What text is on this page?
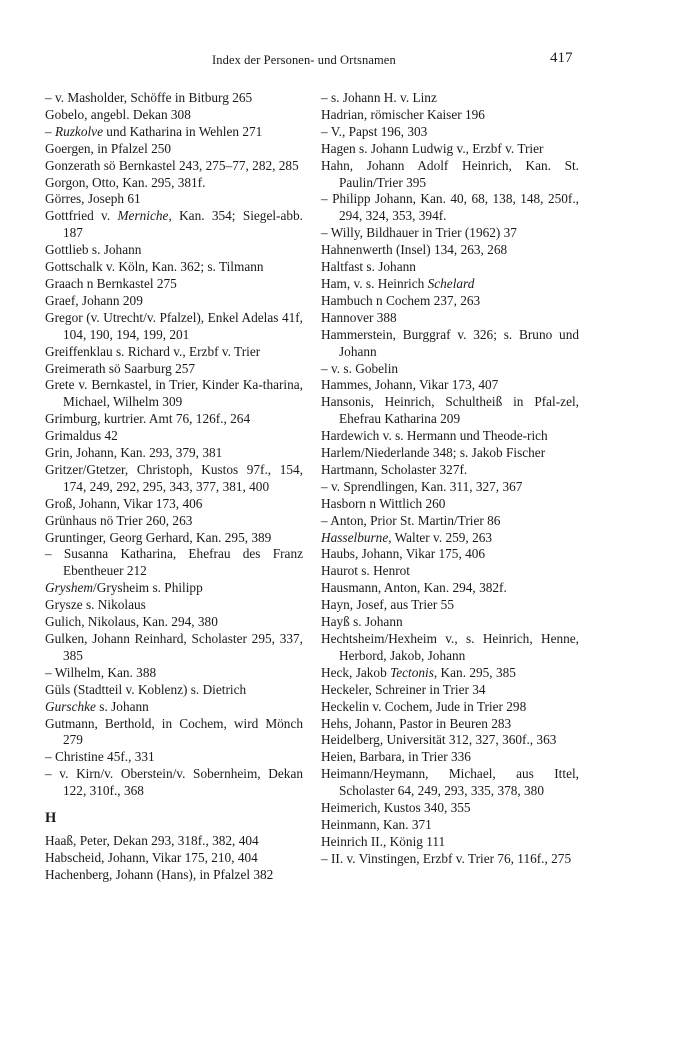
Index der Personen- und Ortsnamen	417

– v. Masholder, Schöffe in Bitburg 265

Gobelo, angebl. Dekan 308

– Ruzkolve und Katharina in Wehlen 271

Goergen, in Pfalzel 250

Gonzerath sö Bernkastel 243, 275–77, 282, 285

Gorgon, Otto, Kan. 295, 381f.

Görres, Joseph 61

Gottfried v. Merniche, Kan. 354; Siegel-abb. 187

Gottlieb s. Johann

Gottschalk v. Köln, Kan. 362; s. Tilmann

Graach n Bernkastel 275

Graef, Johann 209

Gregor (v. Utrecht/v. Pfalzel), Enkel Adelas 41f, 104, 190, 194, 199, 201

Greiffenklau s. Richard v., Erzbf v. Trier

Greimerath sö Saarburg 257

Grete v. Bernkastel, in Trier, Kinder Ka-tharina, Michael, Wilhelm 309

Grimburg, kurtrier. Amt 76, 126f., 264

Grimaldus 42

Grin, Johann, Kan. 293, 379, 381

Gritzer/Gtetzer, Christoph, Kustos 97f., 154, 174, 249, 292, 295, 343, 377, 381, 400

Groß, Johann, Vikar 173, 406

Grünhaus nö Trier 260, 263

Gruntinger, Georg Gerhard, Kan. 295, 389

– Susanna Katharina, Ehefrau des Franz Ebentheuer 212

Gryshem/Grysheim s. Philipp

Grysze s. Nikolaus

Gulich, Nikolaus, Kan. 294, 380

Gulken, Johann Reinhard, Scholaster 295, 337, 385

– Wilhelm, Kan. 388

Güls (Stadtteil v. Koblenz) s. Dietrich

Gurschke s. Johann

Gutmann, Berthold, in Cochem, wird Mönch 279

– Christine 45f., 331

– v. Kirn/v. Oberstein/v. Sobernheim, Dekan 122, 310f., 368

H

Haaß, Peter, Dekan 293, 318f., 382, 404

Habscheid, Johann, Vikar 175, 210, 404

Hachenberg, Johann (Hans), in Pfalzel 382

– s. Johann H. v. Linz

Hadrian, römischer Kaiser 196

– V., Papst 196, 303

Hagen s. Johann Ludwig v., Erzbf v. Trier

Hahn, Johann Adolf Heinrich, Kan. St. Paulin/Trier 395

– Philipp Johann, Kan. 40, 68, 138, 148, 250f., 294, 324, 353, 394f.

– Willy, Bildhauer in Trier (1962) 37

Hahnenwerth (Insel) 134, 263, 268

Haltfast s. Johann

Ham, v. s. Heinrich Schelard

Hambuch n Cochem 237, 263

Hannover 388

Hammerstein, Burggraf v. 326; s. Bruno und Johann

– v. s. Gobelin

Hammes, Johann, Vikar 173, 407

Hansonis, Heinrich, Schultheiß in Pfal-zel, Ehefrau Katharina 209

Hardewich v. s. Hermann und Theode-rich

Harlem/Niederlande 348; s. Jakob Fischer

Hartmann, Scholaster 327f.

– v. Sprendlingen, Kan. 311, 327, 367

Hasborn n Wittlich 260

– Anton, Prior St. Martin/Trier 86

Hasselburne, Walter v. 259, 263

Haubs, Johann, Vikar 175, 406

Haurot s. Henrot

Hausmann, Anton, Kan. 294, 382f.

Hayn, Josef, aus Trier 55

Hayß s. Johann

Hechtsheim/Hexheim v., s. Heinrich, Henne, Herbord, Jakob, Johann

Heck, Jakob Tectonis, Kan. 295, 385

Heckeler, Schreiner in Trier 34

Heckelin v. Cochem, Jude in Trier 298

Hehs, Johann, Pastor in Beuren 283

Heidelberg, Universität 312, 327, 360f., 363

Heien, Barbara, in Trier 336

Heimann/Heymann, Michael, aus Ittel, Scholaster 64, 249, 293, 335, 378, 380

Heimerich, Kustos 340, 355

Heinmann, Kan. 371

Heinrich II., König 111

– II. v. Vinstingen, Erzbf v. Trier 76, 116f., 275
